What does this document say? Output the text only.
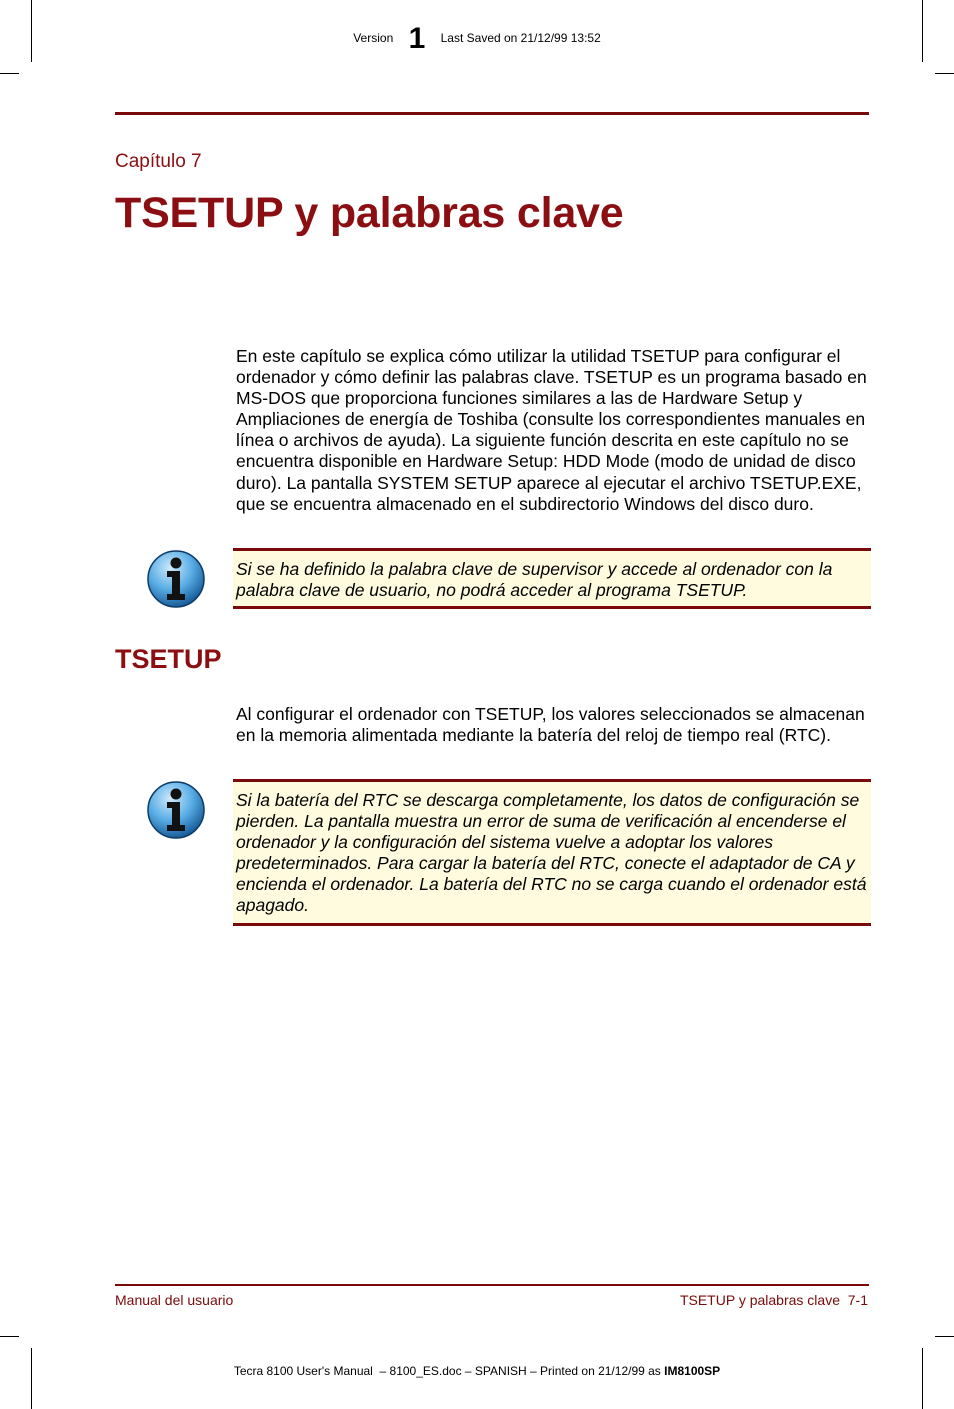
Version 1 Last Saved on 21/12/99 13:52
Capítulo 7
TSETUP y palabras clave

En este capítulo se explica cómo utilizar la utilidad TSETUP para configurar el ordenador y cómo definir las palabras clave. TSETUP es un programa basado en MS-DOS que proporciona funciones similares a las de Hardware Setup y Ampliaciones de energía de Toshiba (consulte los correspondientes manuales en línea o archivos de ayuda). La siguiente función descrita en este capítulo no se encuentra disponible en Hardware Setup: HDD Mode (modo de unidad de disco duro). La pantalla SYSTEM SETUP aparece al ejecutar el archivo TSETUP.EXE, que se encuentra almacenado en el subdirectorio Windows del disco duro.

Si se ha definido la palabra clave de supervisor y accede al ordenador con la palabra clave de usuario, no podrá acceder al programa TSETUP.

TSETUP

Al configurar el ordenador con TSETUP, los valores seleccionados se almacenan en la memoria alimentada mediante la batería del reloj de tiempo real (RTC).

Si la batería del RTC se descarga completamente, los datos de configuración se pierden. La pantalla muestra un error de suma de verificación al encenderse el ordenador y la configuración del sistema vuelve a adoptar los valores predeterminados. Para cargar la batería del RTC, conecte el adaptador de CA y encienda el ordenador. La batería del RTC no se carga cuando el ordenador está apagado.

Manual del usuario	TSETUP y palabras clave  7-1
Tecra 8100 User's Manual  – 8100_ES.doc – SPANISH – Printed on 21/12/99 as IM8100SP
